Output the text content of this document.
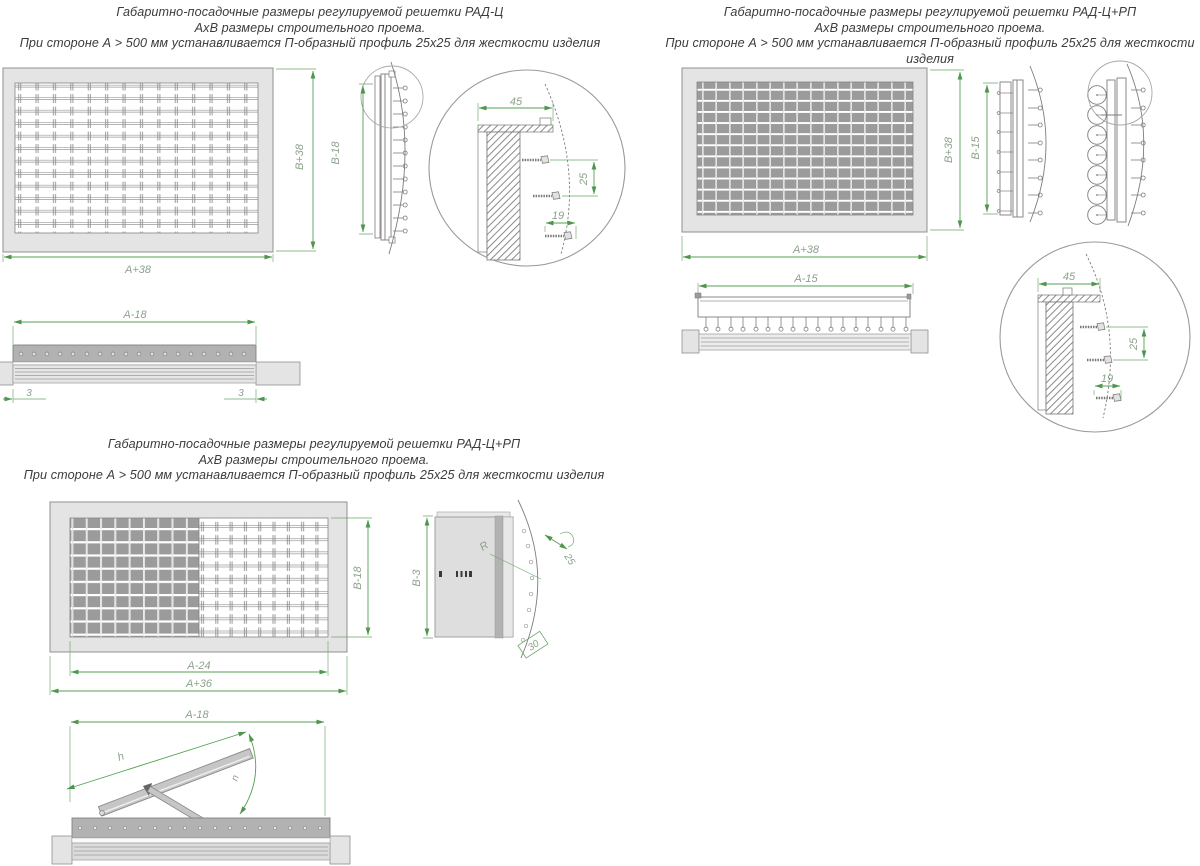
Габаритно-посадочные размеры регулируемой решетки РАД-Ц
АхВ размеры строительного проема.
При стороне А > 500 мм устанавливается П-образный профиль 25х25 для жесткости изделия
Габаритно-посадочные размеры регулируемой решетки РАД-Ц+РП
АхВ размеры строительного проема.
При стороне А > 500 мм устанавливается П-образный профиль 25х25 для жесткости изделия
Габаритно-посадочные размеры регулируемой решетки РАД-Ц+РП
АхВ размеры строительного проема.
При стороне А > 500 мм устанавливается П-образный профиль 25х25 для жесткости изделия
В+38
А+38
В-18
45
25
19
А-18
3	3
В+38 В-15
А+38
А-15	45
25
19
В-18
А-24
А+36
В-3
R
25
30
А-18
h
n
